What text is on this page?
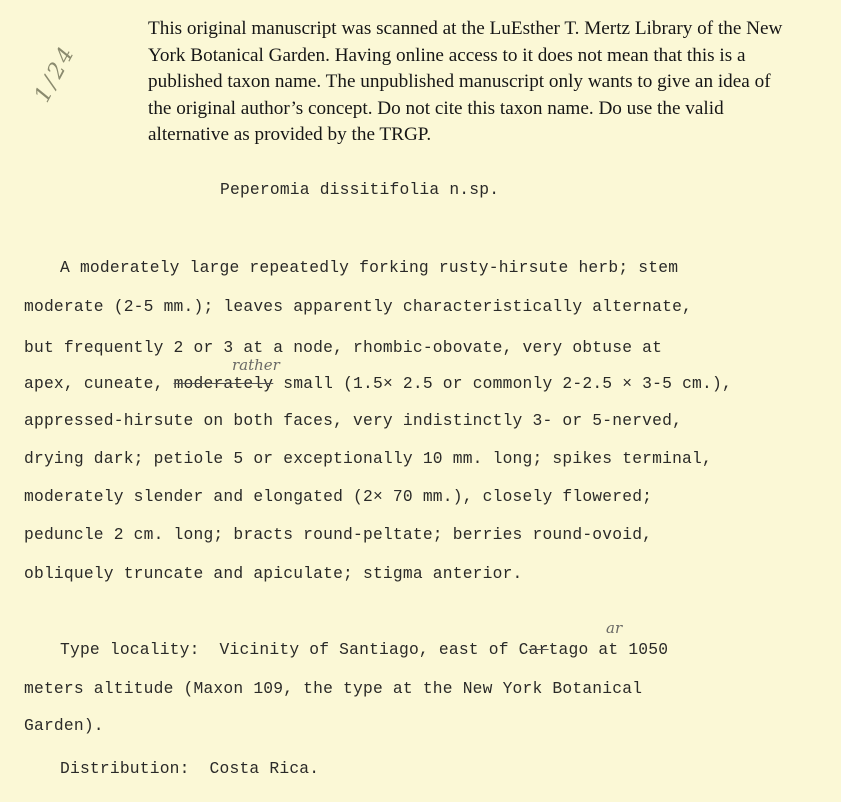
This original manuscript was scanned at the LuEsther T. Mertz Library of the New York Botanical Garden. Having online access to it does not mean that this is a published taxon name. The unpublished manuscript only wants to give an idea of the original author’s concept. Do not cite this taxon name. Do use the valid alternative as provided by the TRGP.
1/24
Peperomia dissitifolia n.sp.
A moderately large repeatedly forking rusty-hirsute herb; stem
moderate (2-5 mm.); leaves apparently characteristically alternate,
but frequently 2 or 3 at a node, rhombic-obovate, very obtuse at
apex, cuneate, moderately small (1.5× 2.5 or commonly 2-2.5 × 3-5 cm.),
rather
appressed-hirsute on both faces, very indistinctly 3- or 5-nerved,
drying dark; petiole 5 or exceptionally 10 mm. long; spikes terminal,
moderately slender and elongated (2× 70 mm.), closely flowered;
peduncle 2 cm. long; bracts round-peltate; berries round-ovoid,
obliquely truncate and apiculate; stigma anterior.
Type locality:  Vicinity of Santiago, east of Cartago at 1050
ar
meters altitude (Maxon 109, the type at the New York Botanical
Garden).
Distribution:  Costa Rica.
